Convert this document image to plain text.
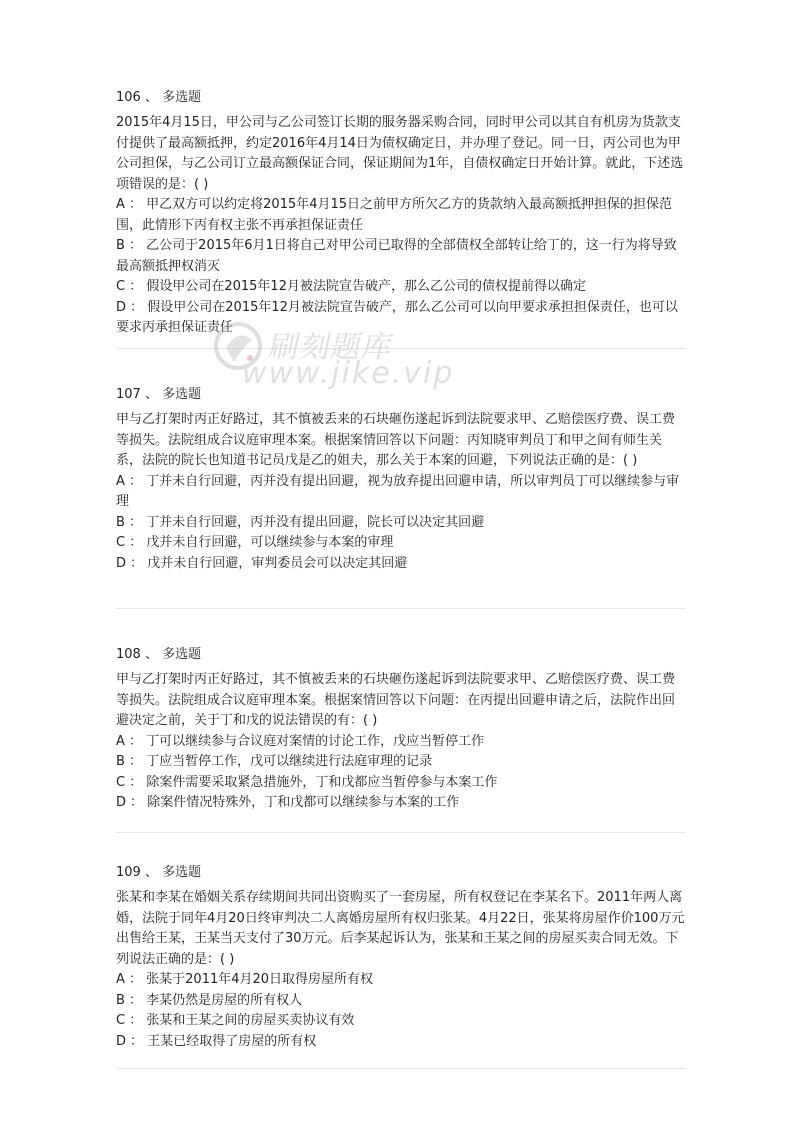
106 、 多选题

2015年4月15日，甲公司与乙公司签订长期的服务器采购合同，同时甲公司以其自有机房为货款支付提供了最高额抵押，约定2016年4月14日为债权确定日，并办理了登记。同一日，丙公司也为甲公司担保，与乙公司订立最高额保证合同，保证期间为1年，自债权确定日开始计算。就此，下述选项错误的是：( )

A ： 甲乙双方可以约定将2015年4月15日之前甲方所欠乙方的货款纳入最高额抵押担保的担保范围，此情形下丙有权主张不再承担保证责任

B ： 乙公司于2015年6月1日将自己对甲公司已取得的全部债权全部转让给丁的，这一行为将导致最高额抵押权消灭

C ： 假设甲公司在2015年12月被法院宣告破产，那么乙公司的债权提前得以确定

D ： 假设甲公司在2015年12月被法院宣告破产，那么乙公司可以向甲要求承担担保责任，也可以要求丙承担保证责任

107 、 多选题

甲与乙打架时丙正好路过，其不慎被丢来的石块砸伤遂起诉到法院要求甲、乙赔偿医疗费、误工费等损失。法院组成合议庭审理本案。根据案情回答以下问题：丙知晓审判员丁和甲之间有师生关系，法院的院长也知道书记员戊是乙的姐夫，那么关于本案的回避，下列说法正确的是：( )

A ： 丁并未自行回避，丙并没有提出回避，视为放弃提出回避申请，所以审判员丁可以继续参与审理

B ： 丁并未自行回避，丙并没有提出回避，院长可以决定其回避

C ： 戊并未自行回避，可以继续参与本案的审理

D ： 戊并未自行回避，审判委员会可以决定其回避

108 、 多选题

甲与乙打架时丙正好路过，其不慎被丢来的石块砸伤遂起诉到法院要求甲、乙赔偿医疗费、误工费等损失。法院组成合议庭审理本案。根据案情回答以下问题：在丙提出回避申请之后，法院作出回避决定之前，关于丁和戊的说法错误的有：( )

A ： 丁可以继续参与合议庭对案情的讨论工作，戊应当暂停工作

B ： 丁应当暂停工作，戊可以继续进行法庭审理的记录

C ： 除案件需要采取紧急措施外，丁和戊都应当暂停参与本案工作

D ： 除案件情况特殊外，丁和戊都可以继续参与本案的工作

109 、 多选题

张某和李某在婚姻关系存续期间共同出资购买了一套房屋，所有权登记在李某名下。2011年两人离婚，法院于同年4月20日终审判决二人离婚房屋所有权归张某。4月22日，张某将房屋作价100万元出售给王某，王某当天支付了30万元。后李某起诉认为，张某和王某之间的房屋买卖合同无效。下列说法正确的是：( )

A ： 张某于2011年4月20日取得房屋所有权

B ： 李某仍然是房屋的所有权人

C ： 张某和王某之间的房屋买卖协议有效

D ： 王某已经取得了房屋的所有权

刷刻题库
www.jike.vip
